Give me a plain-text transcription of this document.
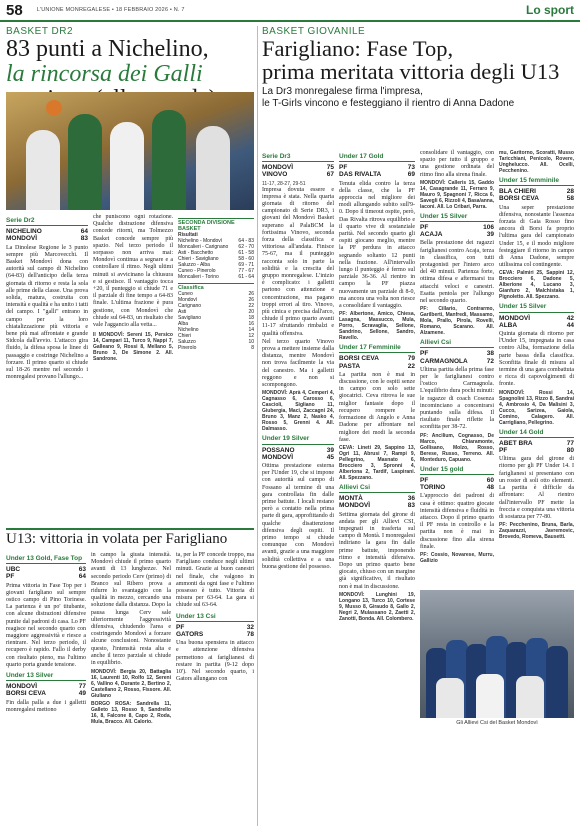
58	L'UNIONE MONREGALESE • 18 FEBBRAIO 2026 • N. 7	Lo sport
BASKET DR2
83 punti a Nichelino,
la rincorsa dei Galli
Serie Dr2
NICHELINO	64
MONDOVÌ	83

La Dinolese Regione le 3 punto sempre più Marcovecchi. Il Basket Mondovì dona con autorità sul campo di Nichelino (64-83) dell'anticipo della terza giornata di ritorno e resta la sola alle prime della classe. Una prova solida, matura, costruita con intensità e qualità e ha unito i tatti del campo. I "galli" entrano in campo per la loro chiatalizzazione più vittoria e bene più mai affrontate e grande Sidcola dall'avvio. L'attacco gira fluido, la difesa sposa le linee di passaggio e costringe Nichelino a forzare. Il primo quarto si chiude sul 18-26 mentre nel secondo i monregalesi provano l'allungo...

che puniscono ogni rotazione. Qualche distrazione difensiva concede ritorni, ma Tolmezzo Basket concede sempre più spazio. Nel terzo periodo il sorpasso non arriva mai: Mondovì continua a segnare e a controllare il ritmo. Negli ultimi minuti si avvicinano la chiusura e si gestisce. Il vantaggio tocca +20, il punteggio si chiude 71 e il parziale di fine tempo a 64-83 finale. L'ultima frazione è pura gestione, con Mondovì che chiude sul 64-83, un risultato che vale l'aggancio alla vetta...

Il MONDOVÌ: Sereni 15, Persico 14, Campari 11, Turco 9, Nappi 7, Galleano 9, Rossi 8, Mellano 5, Bruno 3, De Simone 2. All. Sandrone.

SECONDA DIVISIONE BASKET
Risultati
Nichelino - Mondovì	64 - 83
Moncalieri - Carignano 62 - 70
Asti - Bacchetto	61 - 58
Chieri - Savigliano	58 - 60
Saluzzo - Alba	69 - 71
Cuneo - Pinerolo	77 - 67
Moncalieri - Torino	61 - 64
Classifica
Cuneo	26
Mondovì	26
Carignano	22
Asti	20
Savigliano	18
Alba	16
Nichelino	14
Chieri	12
Saluzzo	10
Pinerolo	8
U13: vittoria in volata per Farigliano
Under 13 Gold, Fase Top
UBC	63
PF	64

Prima vittoria in Fase Top per i giovani farigliano sul sempre ostico campo di Pino Torinese. La partenza è un po' titubante, con alcune distrazioni difensive punite dal padroni di casa. Lo PF reagisce nel secondo quarto con maggiore aggressività e riesce a rientrare. Nel terzo periodo, il recupero è rapido. Fallo il derby con risultato pieno, ma l'ultimo quarto porta grande tensione.

Under 13 Silver
MONDOVÌ	77
BORSI CEVA	49

Fin dalla palla a due i galletti monregalesi mettono

in campo la giusta intensità. Mondovì chiude il primo quarto avanti di 13 lunghezze. Nel secondo periodo Cerv (primo) di Branco sul Ribero prova a ridurre lo svantaggio con la qualità in mezzo, cercando una soluzione dalla distanza. Dopo la pausa lunga Cerv sale ulteriormente l'aggressività difensiva, chiudendo l'area e costringendo Mondovì a forzare alcune conclusioni. Nonostante questo, l'intensità resta alta e anche il terzo parziale si chiude in equilibrio.

MONDOVÌ: Bergia 20, Battaglia 16, Laurenti 10, Rolfo 12, Sereni 6, Vallino 4, Durante 2, Bertino 2, Castellano 2, Rosso, Fissore. All. Giuliano

BORGO ROSA: Sandrella 11, Galleto 13, Rosso 9, Sandrello 16, 8, Falcone 8, Capo 2, Roda, Mula, Bracco. All. Calorio.

ta, per la PF concede troppo, ma Farigliano conduce negli ultimi minuti. Grazie ai buon canestri nel finale, che valgono in ammonti da ogni fase e l'ultimo possesso è tutto. Vittoria di misura per 63-64. La gara si chiude sul 63-64.

Under 13 Csi
PF	32
GATORS	78

Una buona spensiera in attacco e attenzione difensiva permettono ai fariglianesi di restare in partita (9-12 dopo 10'). Nel secondo quarto, i Gators allungano con

BASKET GIOVANILE
Farigliano: Fase Top,
prima meritata vittoria degli U13
La Dr3 monregalese firma l'impresa,
le T-Girls vincono e festeggiano il rientro di Anna Dadone
Serie Dr3
MONDOVÌ	75
VINOVO	67
11-17, 28-27, 29-51

Impresa dovuta essere e impresa è stata. Nella quarta giornata di ritorno del campionato di Serie DR3, i giovani del Mondovì Basket superano al PalaBCM la fortissima Vinovo, seconda forza della classifica e vittoriosa all'andata. Finisce 75-67, ma il punteggio racconta solo in parte la solidità e la crescita del gruppo monregalese. L'inizio è complicato: i galletti partono con attenzione e concentrazione, ma pagano troppi errori al tiro. Vinovo, più cinica e precisa dall'arco, chiude il primo quarto avanti 11-17 sfruttando rimbalzi e qualità offensiva.

Nel terzo quarto Vinovo prova a mettere insieme dalla distanza, mentre Mondovì non trova facilmente la via del canestro. Ma i galletti reggono e non si scompongono.

MONDOVÌ: Aprà 4, Cemperi 4, Cagnasso 6, Carosso 6, Cascioli, Sigliano 11, Giubergia, Maci, Zaccagni 24, Bruno 3, Manz 2, Nasko 4, Rosso 5, Grenni 4. All. Dalmasso.

Under 19 Silver
POSSANO	39
MONDOVÌ	45

Ottima prestazione esterna per l'Under 19, che si impone con autorità sul campo di Fossano al termine di una gara controllata fin dalle prime battute. I locali restano però a contatto nella prima parte di gara, approfittando di qualche disattenzione difensiva degli ospiti. Il primo tempo si chiude comunque con Mondovì avanti, grazie a una maggiore solidità collettiva e a una buona gestione del possesso.

Under 17 Gold
PF	73
DAS RIVALTA	69

Tenuta elida contro la terza della classe, che la PF approccia nel migliore dei modi allungando subito sull'9-0. Dopo il timeout ospite, però, Das Rivalta ritrova equilibrio e il quarto vive di sostanziale parità. Nel secondo quarto gli ospiti giocano meglio, mentre la PF perdura in attacco segnando soltanto 12 punti nella frazione. All'intervallo lungo il punteggio è fermo sul parziale 36-36. Al rientro in campo la PF piazza nuovamente un parziale di 8-0, ma ancora una volta non riesce a consolidare il vantaggio.

PF: Albertone, Amico, Chiesa, Lasagna, Massucco, Mula, Porro, Scravaglia, Sellone, Sandrino, Sellone, Sandro, Ravello.

Under 17 Femminile
BORSI CEVA	79
PASTA	22

La partita non è mai in discussione, con le ospiti senze in campo con solo sette giocatrici. Ceva ritrova le sue miglior fantasie dopo il recupero rompere le formazione di Angelo e Anna Dadone per affrontare nel migliore dei modi la seconda fase.

CEVA: Lineti 29, Sappino 13, Ogri 11, Abrusi 7, Rampi 9, Pellegrino, Masnato 6, Brocciero 3, Spronni 4, Alberiona 2, Tardif, Laspirani. All. Spezzano.

Allievi Csi
MONTÀ	36
MONDOVÌ	83

Settima giornata del girone di andata per gli Allievi CSI, impegnati in trasferta sul campo di Montà. I monregalesi indiriano la gara fin dalle prime battute, imponendo ritmo e intensità difensiva. Dopo un primo quarto bene giocato, chiuso con un margine già significativo, il risultato non è mai in discussione.

MONDOVÌ: Lunghini 19, Longano 13, Turco 10, Cortese 9, Musso 8, Giraudo 8, Gallo 2, Negri 2, Mulassano 2, Zaetti 2, Zanotti, Bonda. All. Colombero.

consolidare il vantaggio, con spazio per tutto il gruppo e una gestione ordinata del ritmo fino alla sirena finale.

MONDOVÌ: Calleris 15, Gaddo 14, Casagrande 11, Ferraro 9, Mauro 9, Spagnoni 7, Ricca 6, Savegli 6, Rizzoli 4, Basa/anna, Iaconi. All. Lo Cribari, Parra.

Under 15 Silver
PF	106
ACAJA	39

Bella prestazione dei ragazzi fariglianesi contro Acaja, terza in classifica, con tutti protagonisti per l'intero arco del 40 minuti. Partenza forte, ottima difesa e aftermarsi tra attacchi veloci e canestri. Esatta pentola per l'allungo nel secondo quarto.

PF: Cillario, Contrarmo, Garilberti, Manfredi, Massamo, Mola, Prallo, Pirola, Rovelli, Romano, Scarano. All. Alzamene.

Allievi Csi
PF	38
CARMAGNOLA	72

Ultima partita della prima fase per le fariglianesi contro l'ostico Carmagnola. L'equilibrio dura pochi minuti: le ragazze di coach Cosenza incominciano a concentrarsi puntando sulla difesa. Il risultato finale riflette la sconfitta per 38-72.

PF: Ancilium, Cognasso, De Marco, Chiaramonte, Gollisano, Molzo, Rosso, Berese, Russo, Terreno. All. Monteduro, Capuano.

Under 15 gold
PF	60
TORINO	48

L'approccio dei padroni di casa è ottimo: quattro giocate intensità difensiva e fluidità in attacco. Dopo il primo quarto il PF resta in controllo e la partita non è mai in discussione fino alla sirena finale.

PF: Cossio, Novarese, Murru, Gallizio

mu, Garitorno, Scoratti, Musso Taricchiani, Penicolo, Rovere, Unghelucco. All. Ocelli, Pecchenino.

Under 15 femminile
BLA CHIERI	28
BORSI CEVA	58

Una seper prestazione difensiva, nonostante l'assenza forzata di Gaia Rosso fino ancora di Borsi fa proprio l'ultima gara del campionato Under 15, e il modo migliore festeggiare il ritorno in campo di Anna Dadone, sempre utilissima col contingente.

CEVA: Palmiri 25, Sappini 12, Brocciero 6, Dadone 5, Alberione 4, Lucano 3, Gianfuro 2, Malchistaka 1, Pignoletto. All. Spezzano.

Under 15 Silver
MONDOVÌ	42
ALBA	44

Quinta giornata di ritorno per l'Under 15, impegnata in casa contro Alba, formazione della parte bassa della classifica. Sconfitta finale di misura al termine di una gara combattuta e ricca di capovolgimenti di fronte.

MONDOVÌ: Rossi 14, Spagnolini 13, Rizzo 8, Sandrai 4, Ambrosio 4, Da Malisini 3, Cucco, Sarizea, Gaiola, Comino, Calagero. All. Carrigliano, Pellegrino.

Under 14 Gold
ABET BRA	77
PF	80

Ultima gara del girone di ritorno per gli PF Under 14. I fariglianesi si presentano con un roster di soli otto elementi. La partita è difficile da affrontare: Al rientro dall'intervallo PF mette la freccia e conquista una vittoria di sostanza per 77-80.

PF: Pecchenino, Bruna, Barla, Zaquarazzi, Javremovic, Brovedo, Romeva, Bausetti.

Gli Allievi Csi del Basket Mondovì
